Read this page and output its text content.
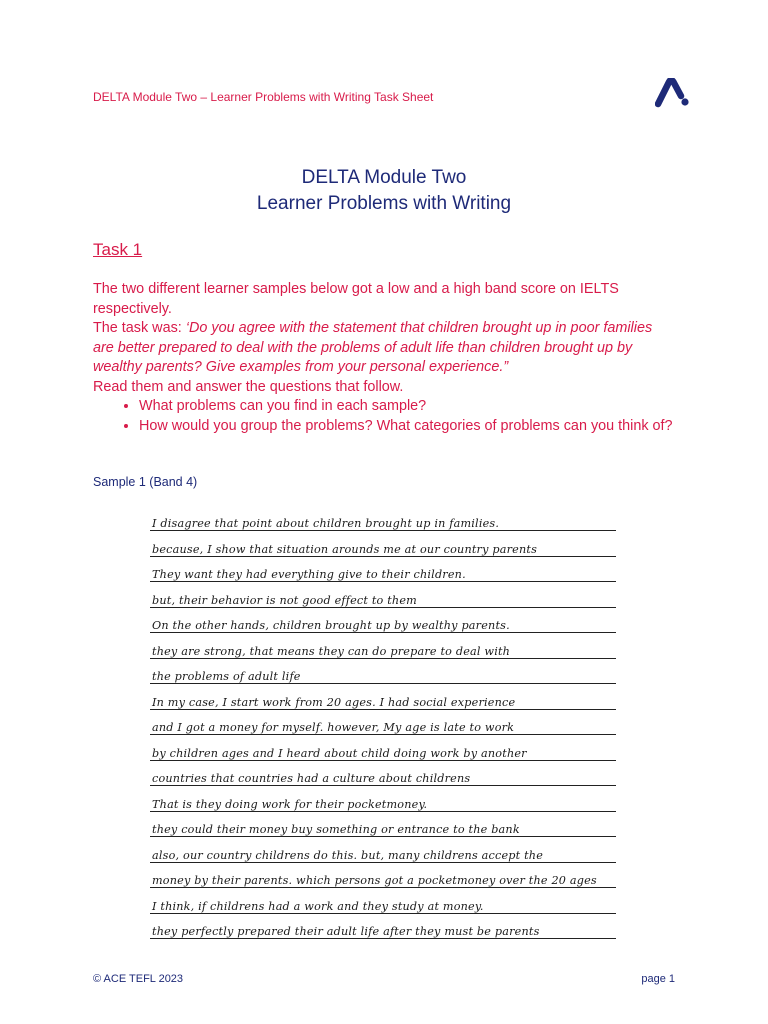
DELTA Module Two – Learner Problems with Writing Task Sheet
DELTA Module Two
Learner Problems with Writing
Task 1

The two different learner samples below got a low and a high band score on IELTS respectively.

The task was: ‘Do you agree with the statement that children brought up in poor families are better prepared to deal with the problems of adult life than children brought up by wealthy parents? Give examples from your personal experience.”

Read them and answer the questions that follow.

• What problems can you find in each sample?
• How would you group the problems? What categories of problems can you think of?
Sample 1 (Band 4)
I disagree that point about children brought up in families.
because, I show that situation arounds me at our country parents
They want they had everything give to their children.
but, their behavior is not good effect to them
On the other hands, children brought up by wealthy parents.
they are strong, that means they can do prepare to deal with
the problems of adult life
In my case, I start work from 20 ages. I had social experience
and I got a money for myself. however, My age is late to work
by children ages and I heard about child doing work by another
countries that countries had a culture about childrens
That is they doing work for their pocketmoney.
they could their money buy something or entrance to the bank
also, our country childrens do this. but, many childrens accept the
money by their parents. which persons got a pocketmoney over the 20 ages
I think, if childrens had a work and they study at money.
they perfectly prepared their adult life after they must be parents
© ACE TEFL 2023	page 1
